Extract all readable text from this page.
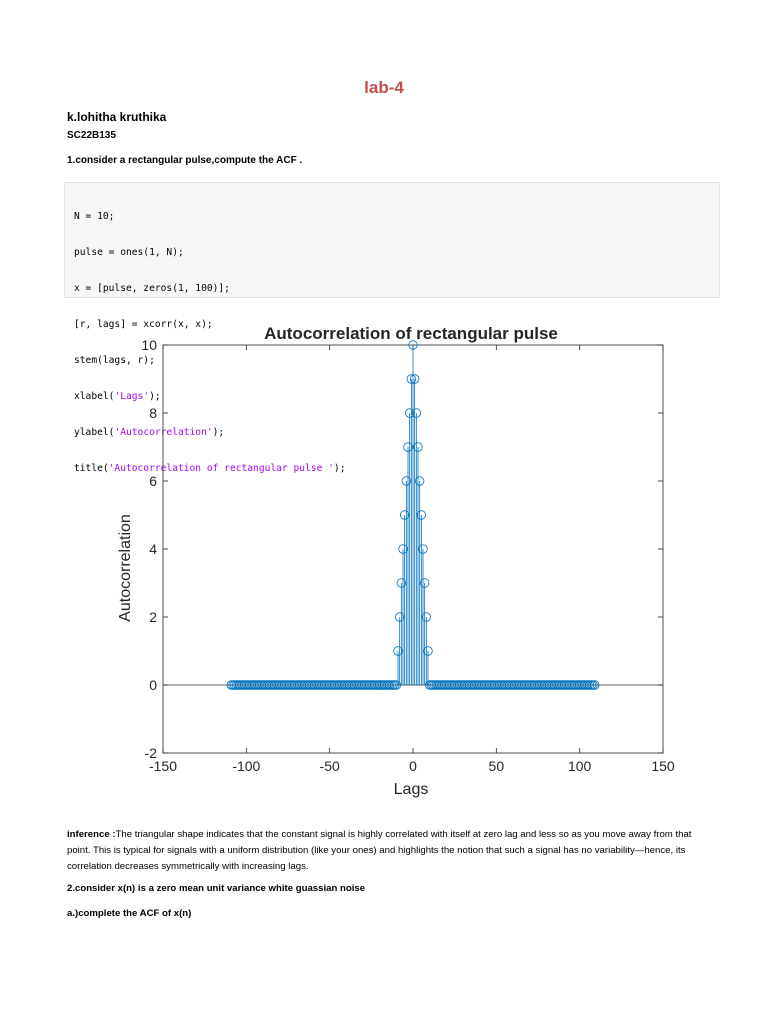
lab-4
k.lohitha kruthika
SC22B135
1.consider a rectangular pulse,compute the ACF .

N = 10;

pulse = ones(1, N);

x = [pulse, zeros(1, 100)];

[r, lags] = xcorr(x, x);

stem(lags, r);

xlabel('Lags');

ylabel('Autocorrelation');

title('Autocorrelation of rectangular pulse ');

Autocorrelation of rectangular pulse
Lags
Autocorrelation
-150	-100	-50	0	50	100	150
-2
0
2
4
6
8
10
inference :The triangular shape indicates that the constant signal is highly correlated with itself at zero lag and less so as you move away from that point. This is typical for signals with a uniform distribution (like your ones) and highlights the notion that such a signal has no variability—hence, its correlation decreases symmetrically with increasing lags.
2.consider x(n) is a zero mean unit variance white guassian noise
a.)complete the ACF of x(n)
